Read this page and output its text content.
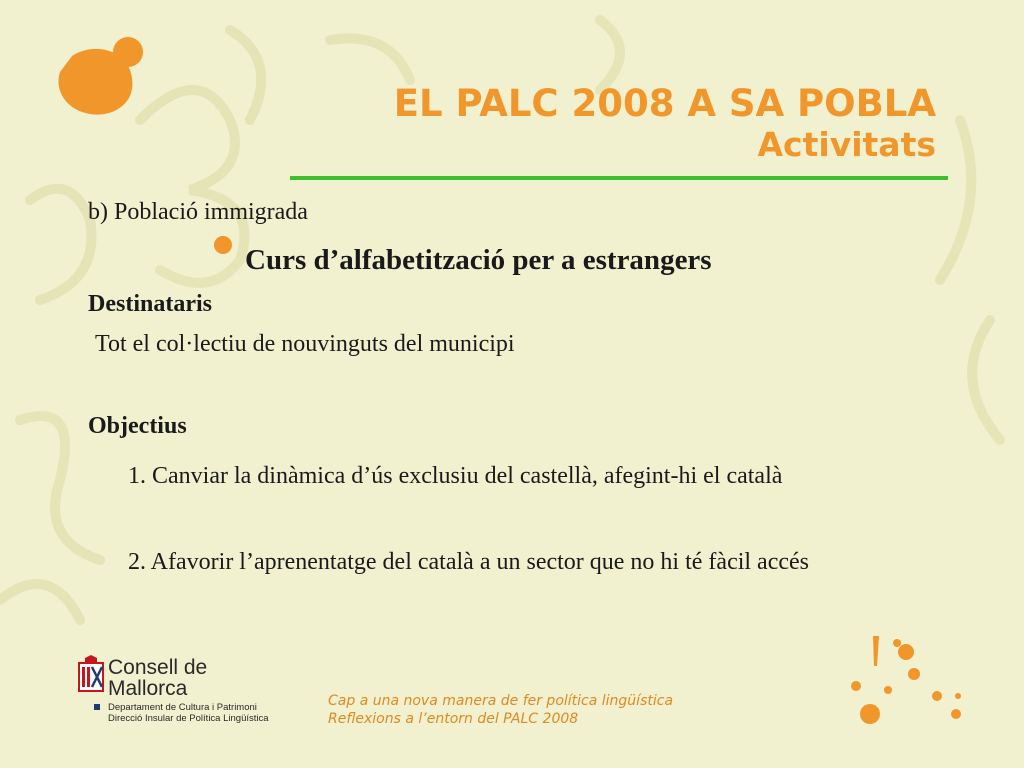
EL PALC 2008 A SA POBLA
Activitats
b) Població immigrada
Curs d’alfabetització per a estrangers
Destinataris
Tot el col·lectiu de nouvinguts del municipi
Objectius
1. Canviar la dinàmica d’ús exclusiu del castellà, afegint-hi el català
2. Afavorir l’aprenentatge del català a un sector que no hi té fàcil accés
Consell de
Mallorca
Departament de Cultura i Patrimoni
Direcció Insular de Política Lingüística
Cap a una nova manera de fer política lingüística
Reflexions a l’entorn del PALC 2008
